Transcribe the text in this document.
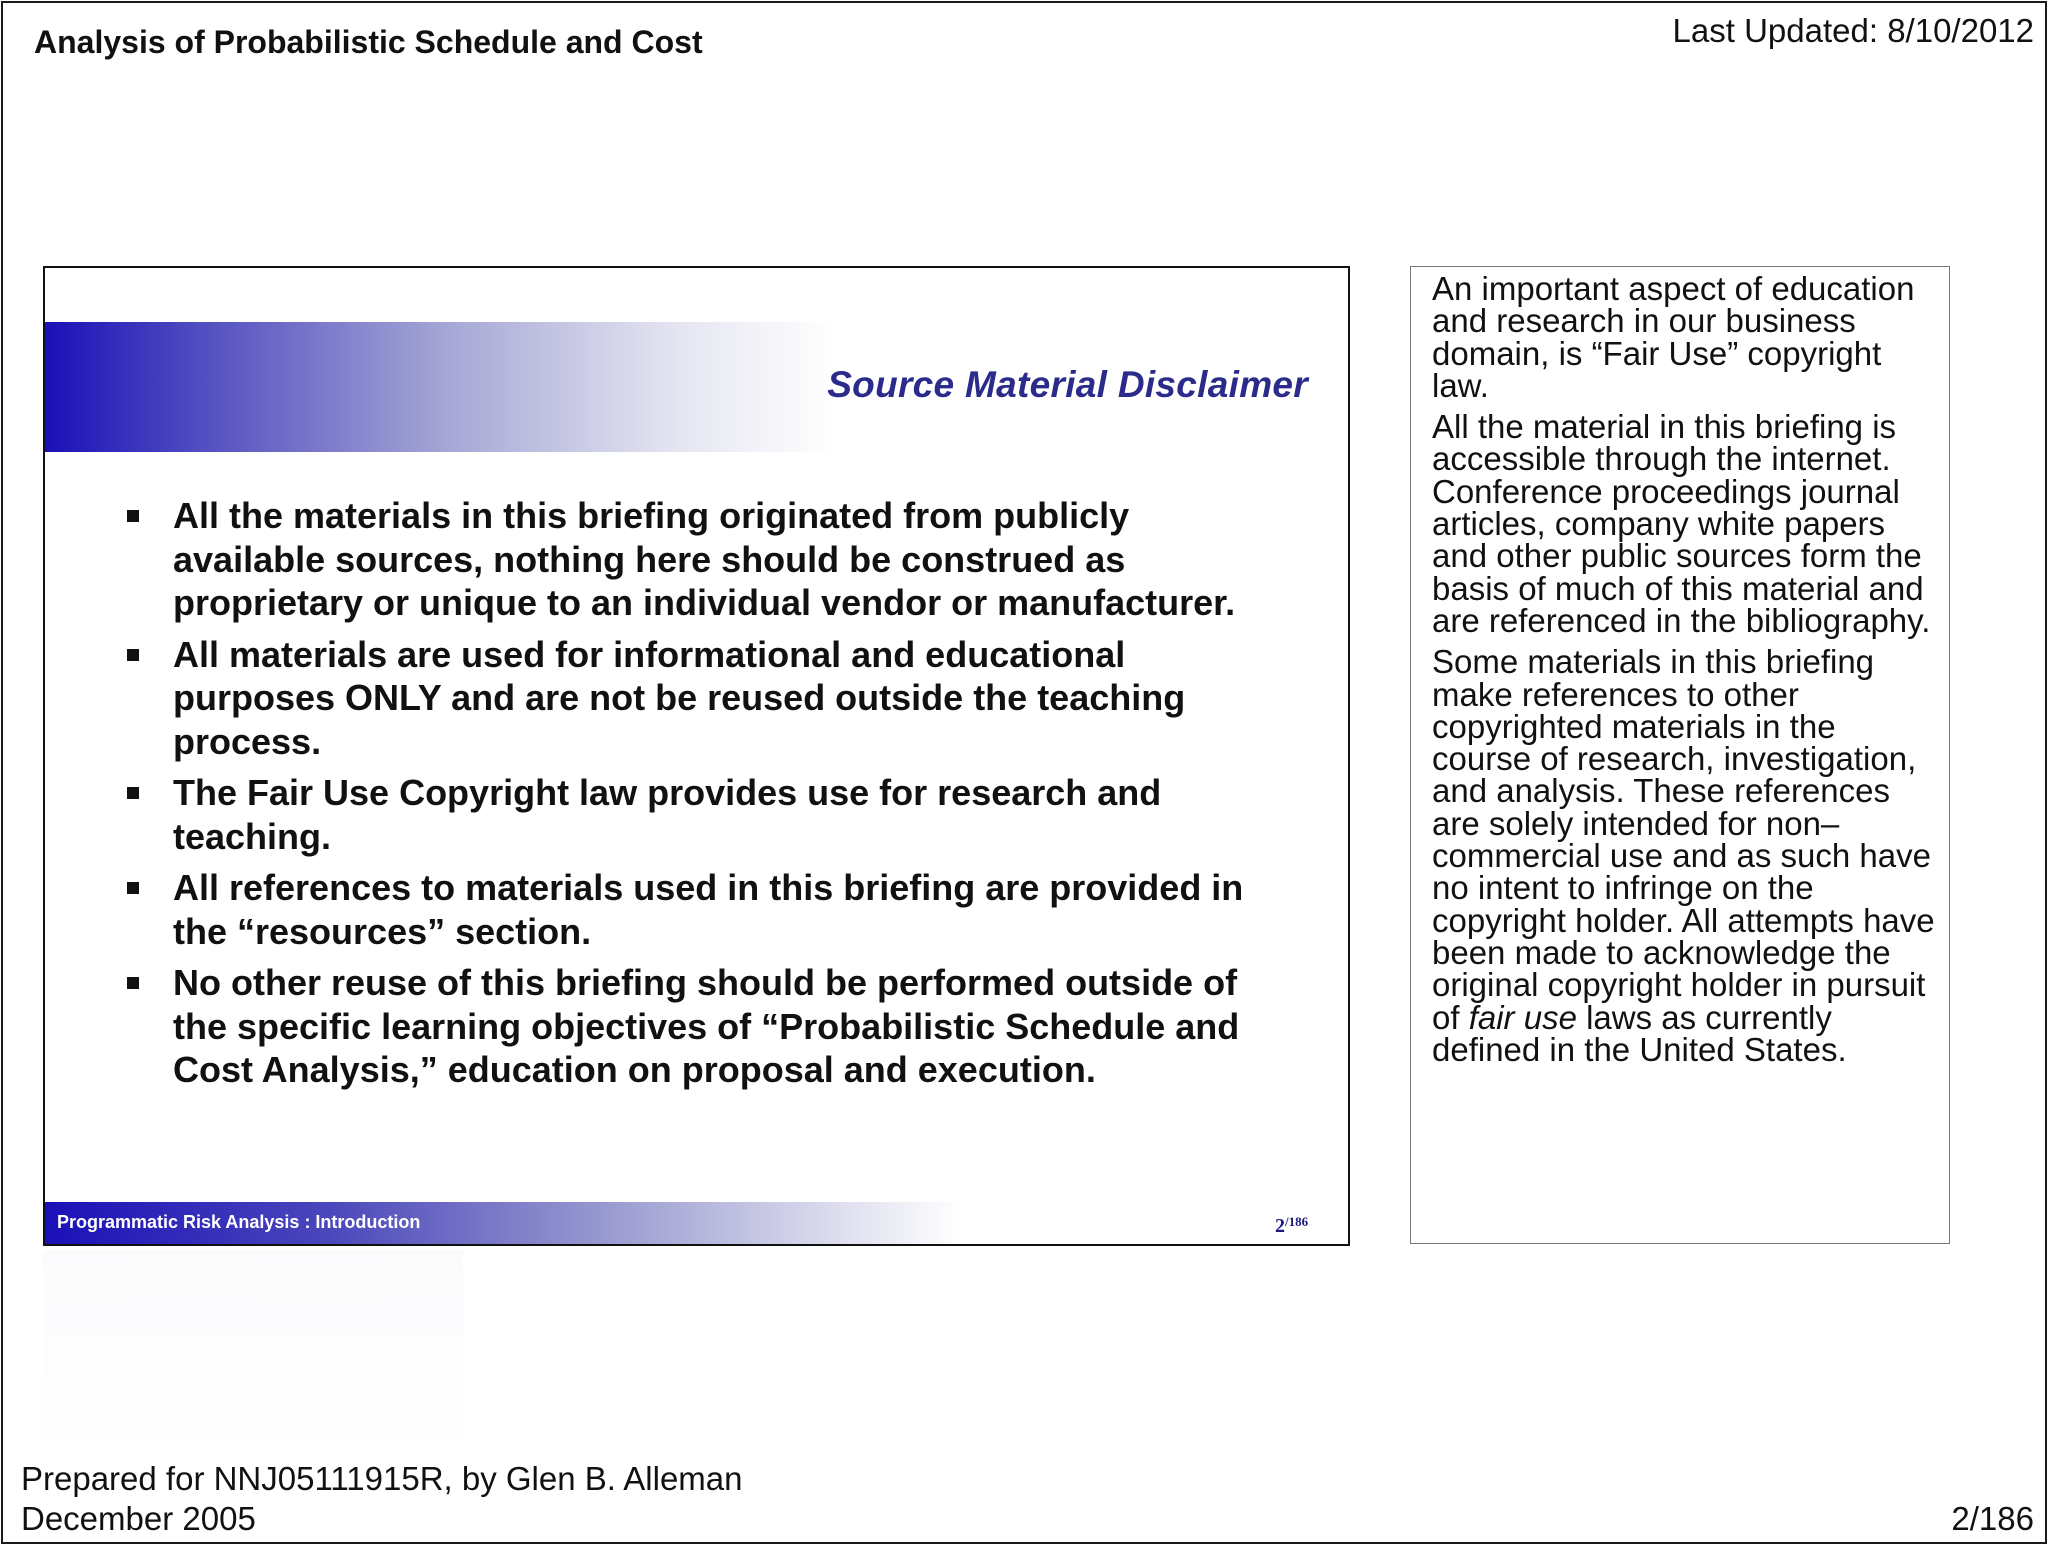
Analysis of Probabilistic Schedule and Cost	Last Updated: 8/10/2012
Source Material Disclaimer
All the materials in this briefing originated from publicly available sources, nothing here should be construed as proprietary or unique to an individual vendor or manufacturer.
All materials are used for informational and educational purposes ONLY and are not be reused outside the teaching process.
The Fair Use Copyright law provides use for research and teaching.
All references to materials used in this briefing are provided in the “resources” section.
No other reuse of this briefing should be performed outside of the specific learning objectives of “Probabilistic Schedule and Cost Analysis,” education on proposal and execution.
Programmatic Risk Analysis : Introduction	$2^{/186}$

An important aspect of education and research in our business domain, is “Fair Use” copyright law.

All the material in this briefing is accessible through the internet. Conference proceedings journal articles, company white papers and other public sources form the basis of much of this material and are referenced in the bibliography.

Some materials in this briefing make references to other copyrighted materials in the course of research, investigation, and analysis. These references are solely intended for non–commercial use and as such have no intent to infringe on the copyright holder. All attempts have been made to acknowledge the original copyright holder in pursuit of fair use laws as currently defined in the United States.

Prepared for NNJ05111915R, by Glen B. Alleman
December 2005	2/186
